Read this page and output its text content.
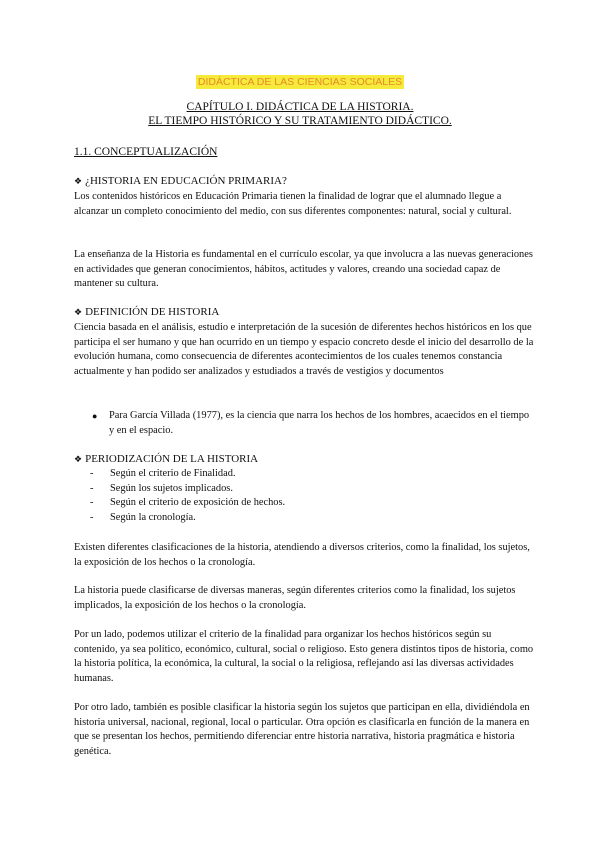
DIDÁCTICA DE LAS CIENCIAS SOCIALES
CAPÍTULO I. DIDÁCTICA DE LA HISTORIA.
EL TIEMPO HISTÓRICO Y SU TRATAMIENTO DIDÁCTICO.
1.1. CONCEPTUALIZACIÓN
❖ ¿HISTORIA EN EDUCACIÓN PRIMARIA?
Los contenidos históricos en Educación Primaria tienen la finalidad de lograr que el alumnado llegue a alcanzar un completo conocimiento del medio, con sus diferentes componentes: natural, social y cultural.
La enseñanza de la Historia es fundamental en el currículo escolar, ya que involucra a las nuevas generaciones en actividades que generan conocimientos, hábitos, actitudes y valores, creando una sociedad capaz de mantener su cultura.
❖ DEFINICIÓN DE HISTORIA
Ciencia basada en el análisis, estudio e interpretación de la sucesión de diferentes hechos históricos en los que participa el ser humano y que han ocurrido en un tiempo y espacio concreto desde el inicio del desarrollo de la evolución humana, como consecuencia de diferentes acontecimientos de los cuales tenemos constancia actualmente y han podido ser analizados y estudiados a través de vestigios y documentos
● Para García Villada (1977), es la ciencia que narra los hechos de los hombres, acaecidos en el tiempo y en el espacio.
❖ PERIODIZACIÓN DE LA HISTORIA
- Según el criterio de Finalidad.
- Según los sujetos implicados.
- Según el criterio de exposición de hechos.
- Según la cronología.
Existen diferentes clasificaciones de la historia, atendiendo a diversos criterios, como la finalidad, los sujetos, la exposición de los hechos o la cronología.
La historia puede clasificarse de diversas maneras, según diferentes criterios como la finalidad, los sujetos implicados, la exposición de los hechos o la cronología.
Por un lado, podemos utilizar el criterio de la finalidad para organizar los hechos históricos según su contenido, ya sea político, económico, cultural, social o religioso. Esto genera distintos tipos de historia, como la historia política, la económica, la cultural, la social o la religiosa, reflejando así las diversas actividades humanas.
Por otro lado, también es posible clasificar la historia según los sujetos que participan en ella, dividiéndola en historia universal, nacional, regional, local o particular. Otra opción es clasificarla en función de la manera en que se presentan los hechos, permitiendo diferenciar entre historia narrativa, historia pragmática e historia genética.
